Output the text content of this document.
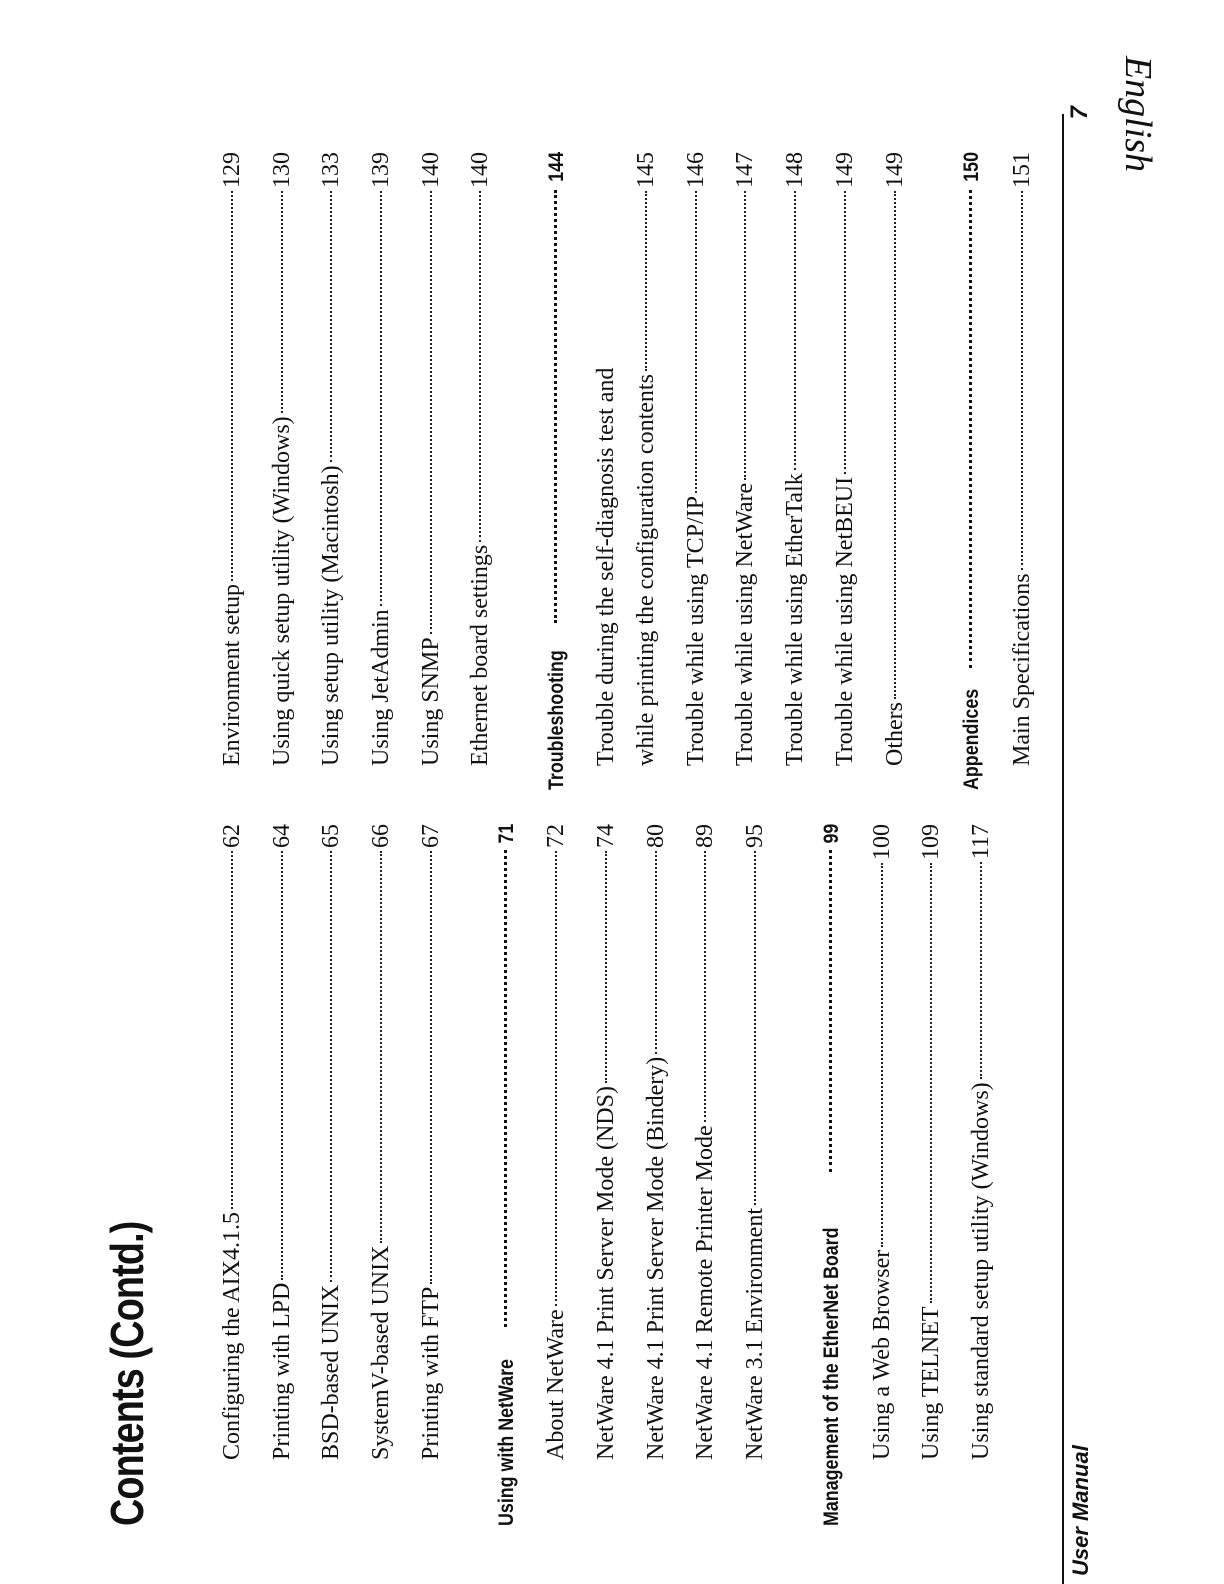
English
Contents (Contd.)	Configuring the AIX4.1.5
62
Printing with LPD
64
BSD-based UNIX
65
SystemV-based UNIX
66
Printing with FTP
67
Using with NetWare
71
About NetWare
72
NetWare 4.1 Print Server Mode (NDS)
74
NetWare 4.1 Print Server Mode (Bindery)
80
NetWare 4.1 Remote Printer Mode
89
NetWare 3.1 Environment
95
Management of the EtherNet Board
99
Using a Web Browser
100
Using TELNET
109
Using standard setup utility (Windows)
117
Environment setup
129
Using quick setup utility (Windows)
130
Using setup utility (Macintosh)
133
Using JetAdmin
139
Using SNMP
140
Ethernet board settings
140
Troubleshooting
144
Trouble during the self-diagnosis test and while printing the configuration contents
145
Trouble while using TCP/IP
146
Trouble while using NetWare
147
Trouble while using EtherTalk
148
Trouble while using NetBEUI
149
Others
149
Appendices
150
Main Specifications
151
User Manual
7
